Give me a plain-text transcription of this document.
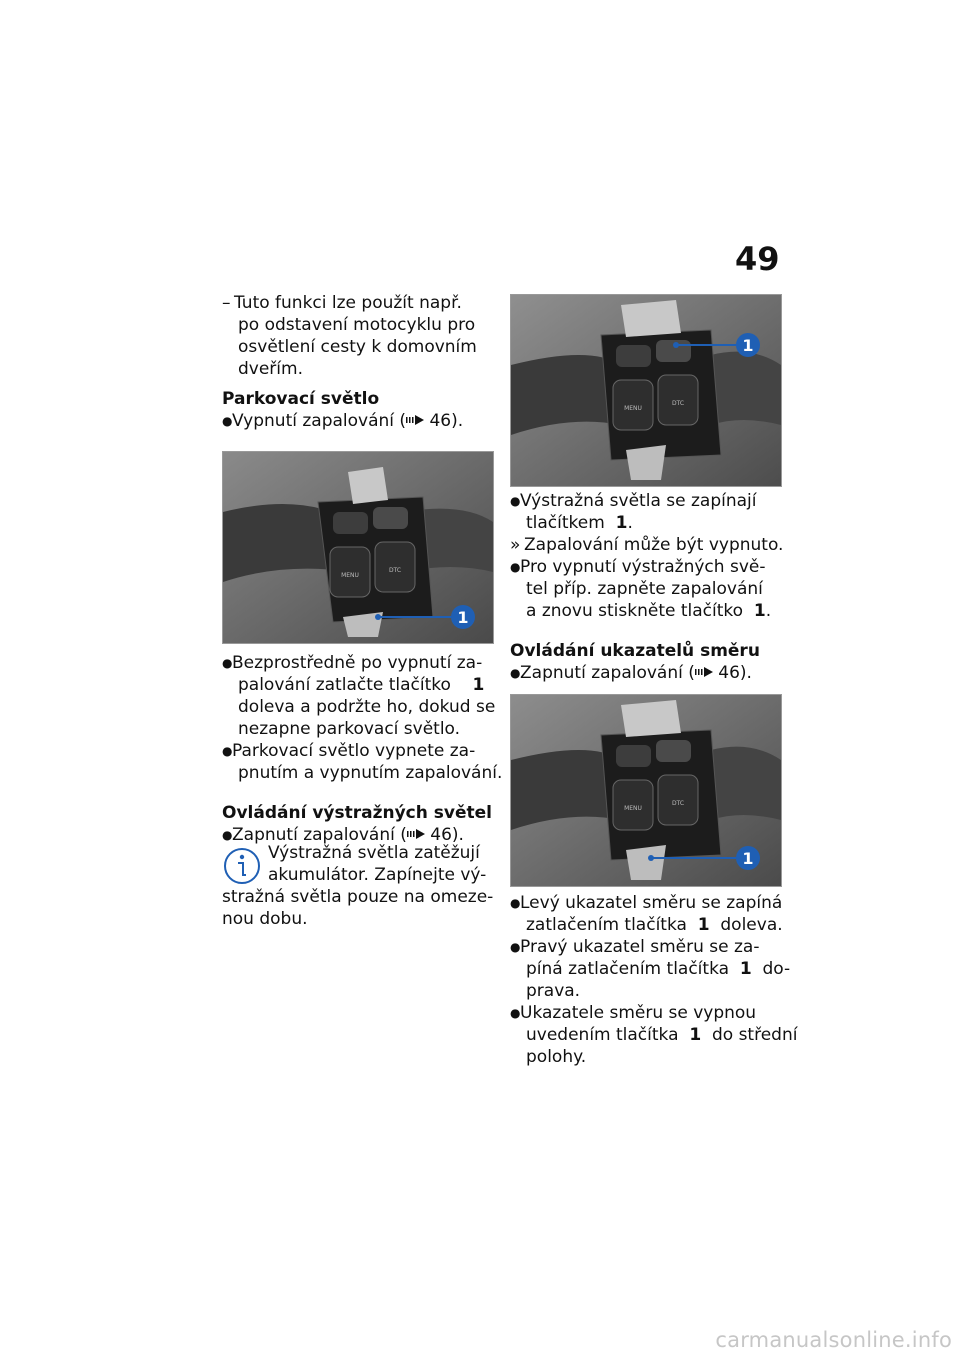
49
– Tuto funkci lze použít např.
po odstavení motocyklu pro
osvětlení cesty k domovním
dveřím.
Parkovací světlo
●Vypnutí zapalování ( 46).
MENU
DTC
1
●Bezprostředně po vypnutí za-
palování zatlačte tlačítko 1
doleva a podržte ho, dokud se
nezapne parkovací světlo.
●Parkovací světlo vypnete za-
pnutím a vypnutím zapalování.
Ovládání výstražných světel
●Zapnutí zapalování ( 46).
Výstražná světla zatěžují
akumulátor. Zapínejte vý-
stražná světla pouze na omeze-
nou dobu.
MENU
DTC
1
●Výstražná světla se zapínají
tlačítkem 1.
» Zapalování může být vypnuto.
●Pro vypnutí výstražných svě-
tel příp. zapněte zapalování
a znovu stiskněte tlačítko 1.
Ovládání ukazatelů směru
●Zapnutí zapalování ( 46).
MENU
DTC
1
●Levý ukazatel směru se zapíná
zatlačením tlačítka 1 doleva.
●Pravý ukazatel směru se za-
píná zatlačením tlačítka 1 do-
prava.
●Ukazatele směru se vypnou
uvedením tlačítka 1 do střední
polohy.
carmanualsonline.info
